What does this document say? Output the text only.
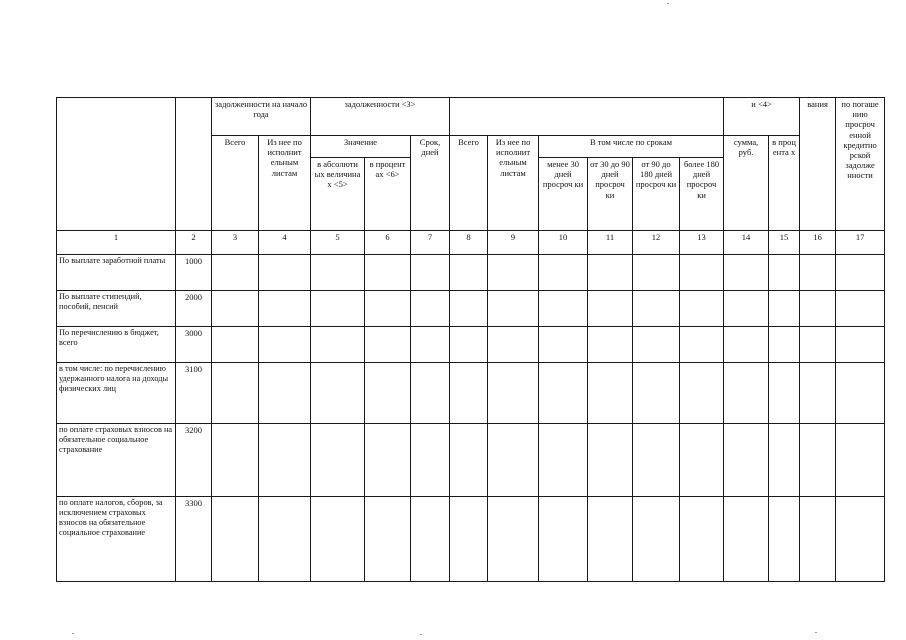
		задолженности на начало года		задолженности <3>									и <4>		вания	по погаше нию просроч енной кредитно рской задолже нности
		Всего	Из нее по исполнит ельным листам	Значение		Срок, дней	Всего	Из нее по исполнит ельным листам	В том числе по срокам				сумма, руб.	в проц ента х		
				в абсолюти ых величина х <5>	в процент ах <6>				менее 30 дней просроч ки	от 30 до 90 дней просроч ки	от 90 до 180 дней просроч ки	более 180 дней просроч ки				
1	2	3	4	5	6	7	8	9	10	11	12	13	14	15	16	17
По выплате заработной платы	1000															
По выплате стипендий, пособий, пенсий	2000															
По перечислению в бюджет, всего	3000															
в том числе: по перечислению удержанного налога на доходы физических лиц	3100															
по оплате страховых взносов на обязательное социальное страхование	3200															
по оплате налогов, сборов, за исключением страховых взносов на обязательное социальное страхование	3300															
